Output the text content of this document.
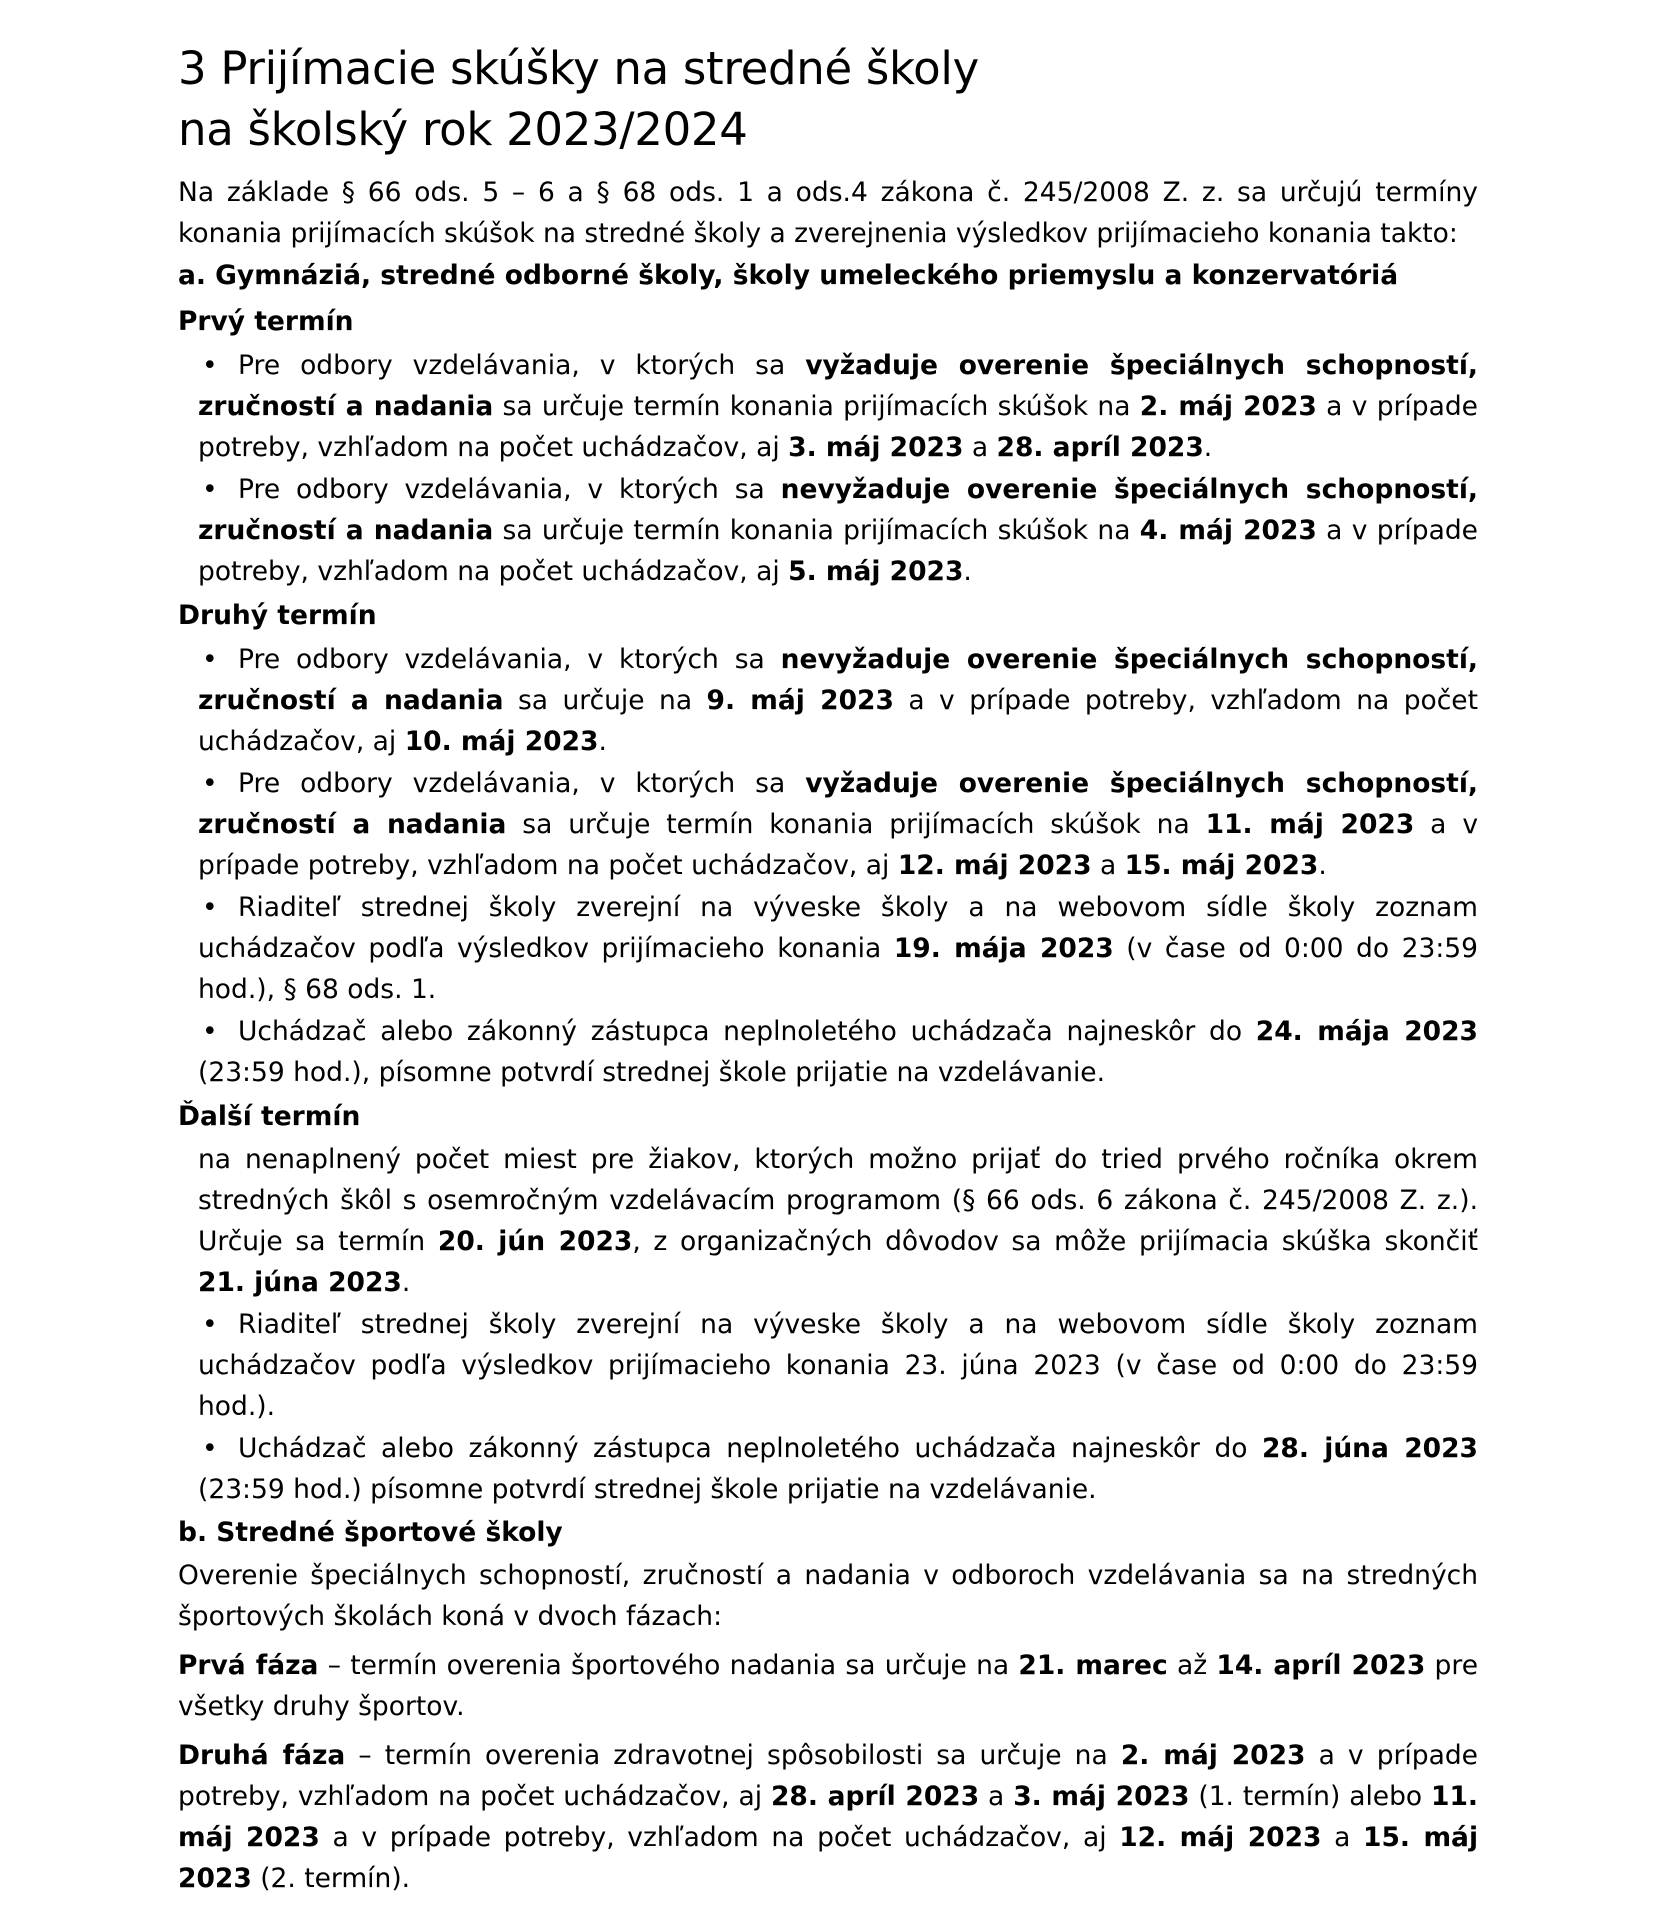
3 Prijímacie skúšky na stredné školy
na školský rok 2023/2024

Na základe § 66 ods. 5 – 6 a § 68 ods. 1 a ods.4 zákona č. 245/2008 Z. z. sa určujú termíny konania prijímacích skúšok na stredné školy a zverejnenia výsledkov prijímacieho konania takto:

a. Gymnáziá, stredné odborné školy, školy umeleckého priemyslu a konzervatóriá
Prvý termín

• Pre odbory vzdelávania, v ktorých sa vyžaduje overenie špeciálnych schopností, zručností a nadania sa určuje termín konania prijímacích skúšok na 2. máj 2023 a v prípade potreby, vzhľadom na počet uchádzačov, aj 3. máj 2023 a 28. apríl 2023.

• Pre odbory vzdelávania, v ktorých sa nevyžaduje overenie špeciálnych schopností, zručností a nadania sa určuje termín konania prijímacích skúšok na 4. máj 2023 a v prípade potreby, vzhľadom na počet uchádzačov, aj 5. máj 2023.

Druhý termín

• Pre odbory vzdelávania, v ktorých sa nevyžaduje overenie špeciálnych schopností, zručností a nadania sa určuje na 9. máj 2023 a v prípade potreby, vzhľadom na počet uchádzačov, aj 10. máj 2023.

• Pre odbory vzdelávania, v ktorých sa vyžaduje overenie špeciálnych schopností, zručností a nadania sa určuje termín konania prijímacích skúšok na 11. máj 2023 a v prípade potreby, vzhľadom na počet uchádzačov, aj 12. máj 2023 a 15. máj 2023.

• Riaditeľ strednej školy zverejní na výveske školy a na webovom sídle školy zoznam uchádzačov podľa výsledkov prijímacieho konania 19. mája 2023 (v čase od 0:00 do 23:59 hod.), § 68 ods. 1.

• Uchádzač alebo zákonný zástupca neplnoletého uchádzača najneskôr do 24. mája 2023 (23:59 hod.), písomne potvrdí strednej škole prijatie na vzdelávanie.

Ďalší termín

na nenaplnený počet miest pre žiakov, ktorých možno prijať do tried prvého ročníka okrem stredných škôl s osemročným vzdelávacím programom (§ 66 ods. 6 zákona č. 245/2008 Z. z.). Určuje sa termín 20. jún 2023, z organizačných dôvodov sa môže prijímacia skúška skončiť 21. júna 2023.

• Riaditeľ strednej školy zverejní na výveske školy a na webovom sídle školy zoznam uchádzačov podľa výsledkov prijímacieho konania 23. júna 2023 (v čase od 0:00 do 23:59 hod.).

• Uchádzač alebo zákonný zástupca neplnoletého uchádzača najneskôr do 28. júna 2023 (23:59 hod.) písomne potvrdí strednej škole prijatie na vzdelávanie.

b. Stredné športové školy

Overenie špeciálnych schopností, zručností a nadania v odboroch vzdelávania sa na stredných športových školách koná v dvoch fázach:

Prvá fáza – termín overenia športového nadania sa určuje na 21. marec až 14. apríl 2023 pre všetky druhy športov.

Druhá fáza – termín overenia zdravotnej spôsobilosti sa určuje na 2. máj 2023 a v prípade potreby, vzhľadom na počet uchádzačov, aj 28. apríl 2023 a 3. máj 2023 (1. termín) alebo 11. máj 2023 a v prípade potreby, vzhľadom na počet uchádzačov, aj 12. máj 2023 a 15. máj 2023 (2. termín).
